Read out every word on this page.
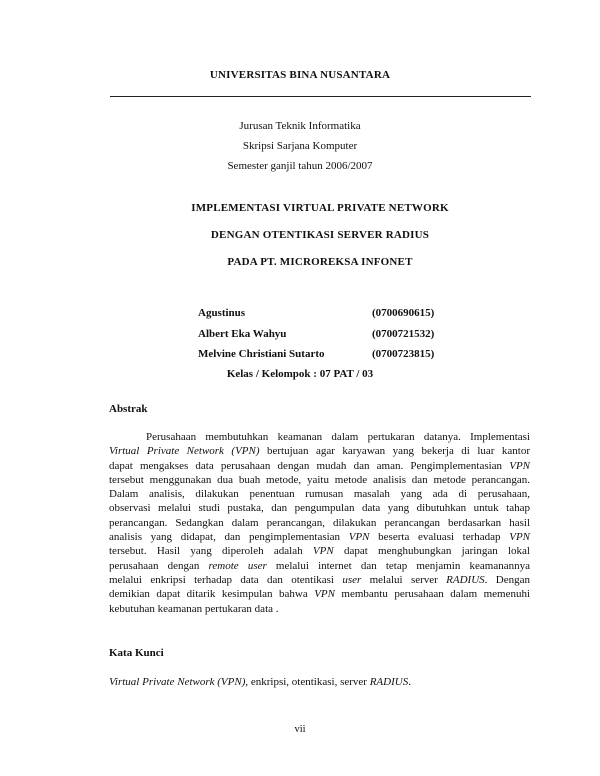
UNIVERSITAS BINA NUSANTARA
Jurusan Teknik Informatika
Skripsi Sarjana Komputer
Semester ganjil tahun 2006/2007
IMPLEMENTASI VIRTUAL PRIVATE NETWORK
DENGAN OTENTIKASI SERVER RADIUS
PADA PT. MICROREKSA INFONET
Agustinus	(0700690615)
Albert Eka Wahyu	(0700721532)
Melvine Christiani Sutarto	(0700723815)
Kelas / Kelompok : 07 PAT / 03
Abstrak
Perusahaan membutuhkan keamanan dalam pertukaran datanya. Implementasi
Virtual Private Network (VPN) bertujuan agar karyawan yang bekerja di luar kantor
dapat mengakses data perusahaan dengan mudah dan aman. Pengimplementasian VPN
tersebut menggunakan dua buah metode, yaitu metode analisis dan metode perancangan.
Dalam analisis, dilakukan penentuan rumusan masalah yang ada di perusahaan,
observasi melalui studi pustaka, dan pengumpulan data yang dibutuhkan untuk tahap
perancangan. Sedangkan dalam perancangan, dilakukan perancangan berdasarkan hasil
analisis yang didapat, dan pengimplementasian VPN beserta evaluasi terhadap VPN
tersebut. Hasil yang diperoleh adalah VPN dapat menghubungkan jaringan lokal
perusahaan dengan remote user melalui internet dan tetap menjamin keamanannya
melalui enkripsi terhadap data dan otentikasi user melalui server RADIUS. Dengan
demikian dapat ditarik kesimpulan bahwa VPN membantu perusahaan dalam memenuhi
kebutuhan keamanan pertukaran data .
Kata Kunci
Virtual Private Network (VPN), enkripsi, otentikasi, server RADIUS.
vii
